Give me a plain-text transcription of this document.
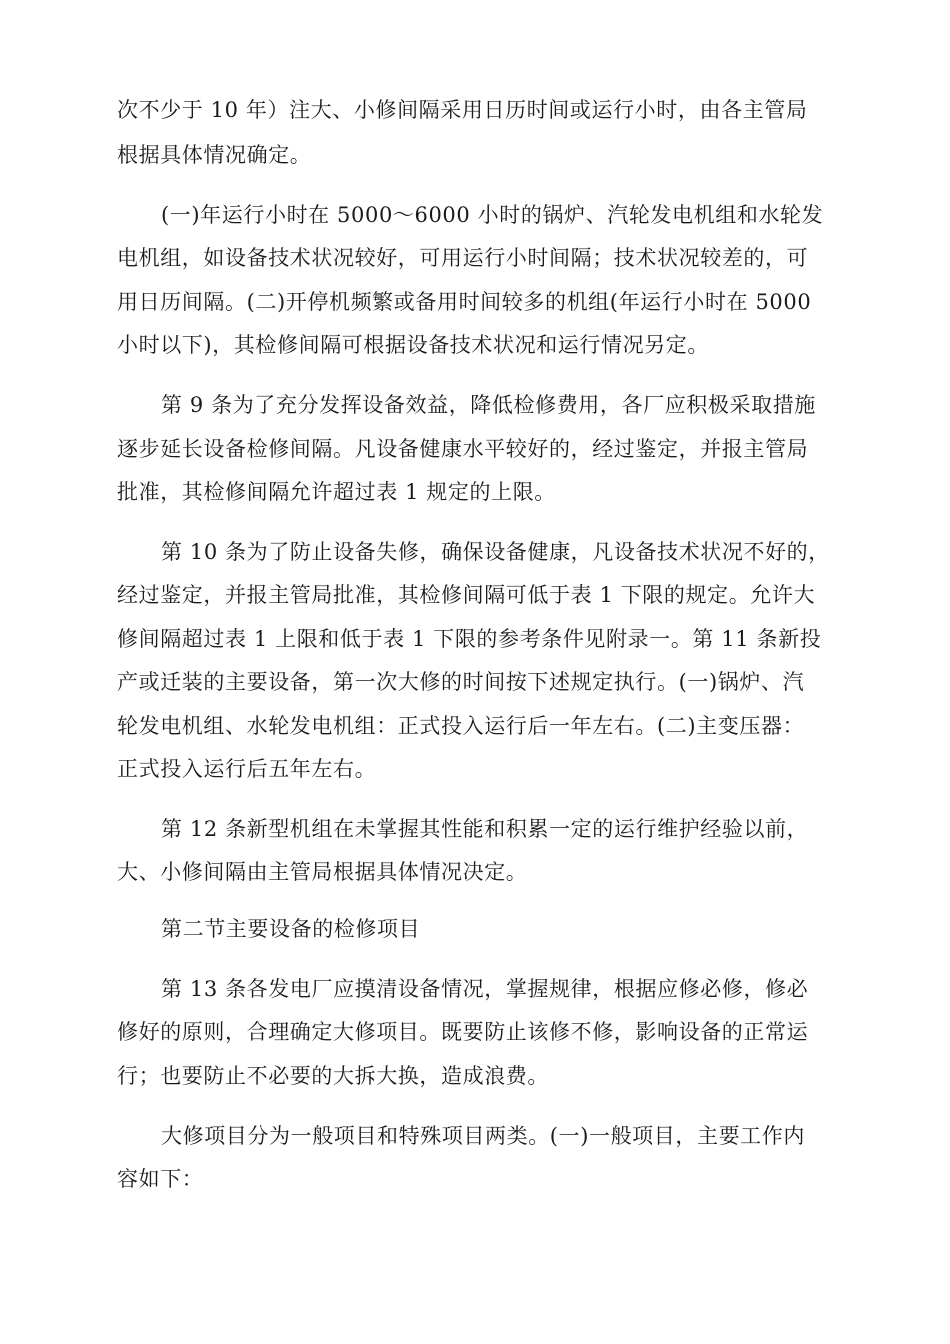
次不少于 10 年）注大、小修间隔采用日历时间或运行小时，由各主管局
根据具体情况确定。
(一)年运行小时在 5000～6000 小时的锅炉、汽轮发电机组和水轮发
电机组，如设备技术状况较好，可用运行小时间隔；技术状况较差的，可
用日历间隔。(二)开停机频繁或备用时间较多的机组(年运行小时在 5000
小时以下)，其检修间隔可根据设备技术状况和运行情况另定。
第 9 条为了充分发挥设备效益，降低检修费用，各厂应积极采取措施
逐步延长设备检修间隔。凡设备健康水平较好的，经过鉴定，并报主管局
批准，其检修间隔允许超过表 1 规定的上限。
第 10 条为了防止设备失修，确保设备健康，凡设备技术状况不好的，
经过鉴定，并报主管局批准，其检修间隔可低于表 1 下限的规定。允许大
修间隔超过表 1 上限和低于表 1 下限的参考条件见附录一。第 11 条新投
产或迁装的主要设备，第一次大修的时间按下述规定执行。(一)锅炉、汽
轮发电机组、水轮发电机组：正式投入运行后一年左右。(二)主变压器：
正式投入运行后五年左右。
第 12 条新型机组在未掌握其性能和积累一定的运行维护经验以前，
大、小修间隔由主管局根据具体情况决定。
第二节主要设备的检修项目
第 13 条各发电厂应摸清设备情况，掌握规律，根据应修必修，修必
修好的原则，合理确定大修项目。既要防止该修不修，影响设备的正常运
行；也要防止不必要的大拆大换，造成浪费。
大修项目分为一般项目和特殊项目两类。(一)一般项目，主要工作内
容如下：
